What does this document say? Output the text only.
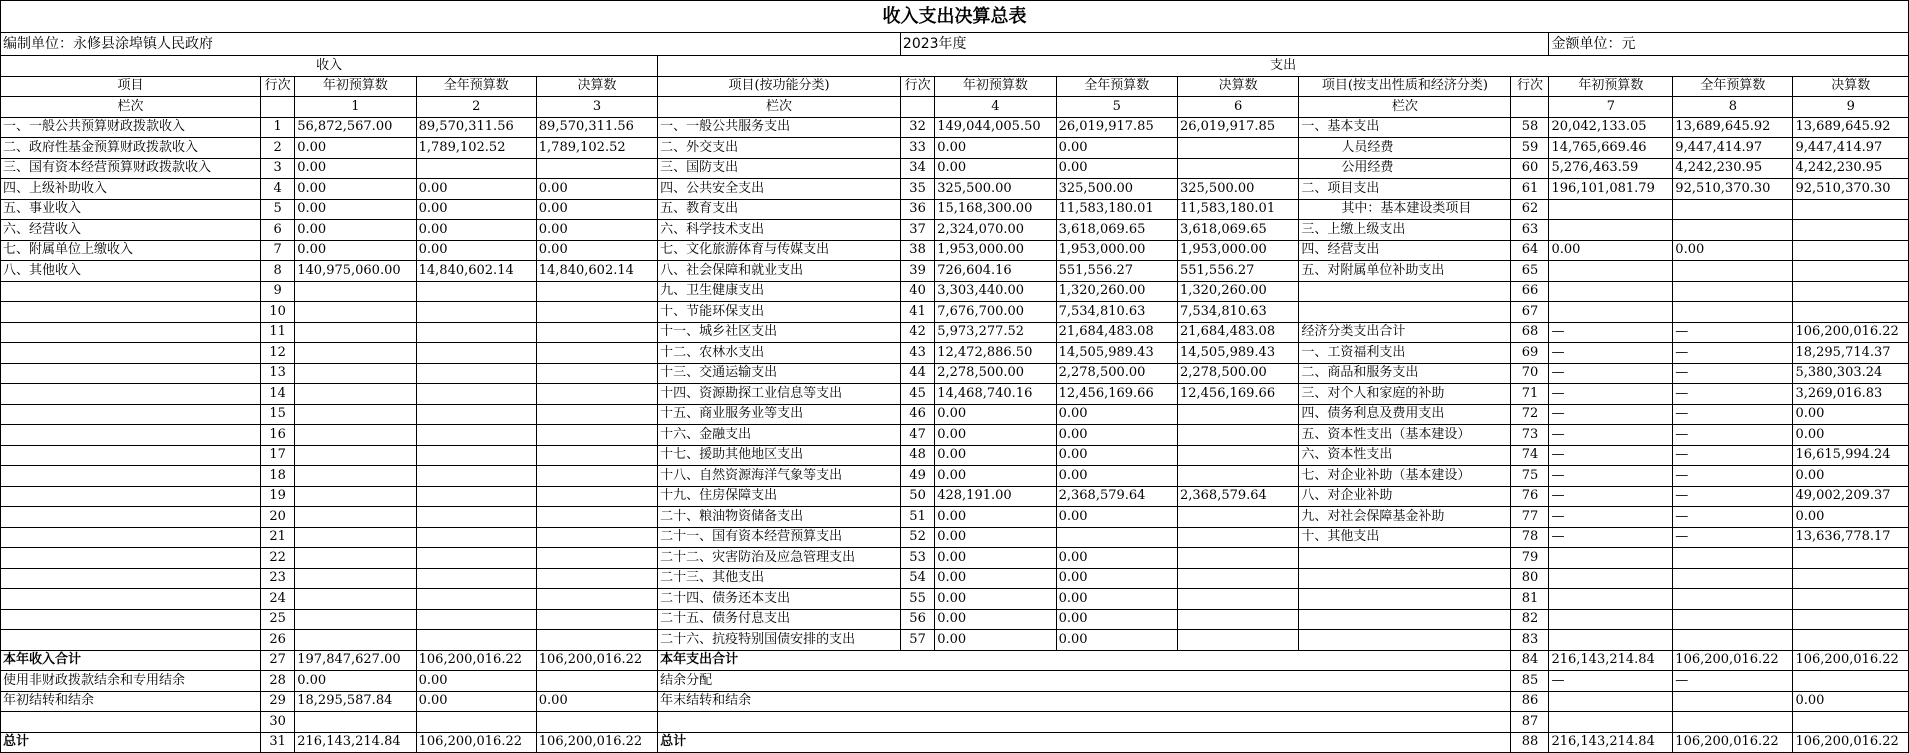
收入支出决算总表														
编制单位：永修县涂埠镇人民政府						2023年度						金额单位：元		
收入					支出									
项目	行次	年初预算数	全年预算数	决算数	项目(按功能分类)	行次	年初预算数	全年预算数	决算数	项目(按支出性质和经济分类)	行次	年初预算数	全年预算数	决算数
栏次		1	2	3	栏次		4	5	6	栏次		7	8	9
一、一般公共预算财政拨款收入	1	56,872,567.00	89,570,311.56	89,570,311.56	一、一般公共服务支出	32	149,044,005.50	26,019,917.85	26,019,917.85	一、基本支出	58	20,042,133.05	13,689,645.92	13,689,645.92
二、政府性基金预算财政拨款收入	2	0.00	1,789,102.52	1,789,102.52	二、外交支出	33	0.00	0.00		人员经费	59	14,765,669.46	9,447,414.97	9,447,414.97
三、国有资本经营预算财政拨款收入	3	0.00			三、国防支出	34	0.00	0.00		公用经费	60	5,276,463.59	4,242,230.95	4,242,230.95
四、上级补助收入	4	0.00	0.00	0.00	四、公共安全支出	35	325,500.00	325,500.00	325,500.00	二、项目支出	61	196,101,081.79	92,510,370.30	92,510,370.30
五、事业收入	5	0.00	0.00	0.00	五、教育支出	36	15,168,300.00	11,583,180.01	11,583,180.01	其中：基本建设类项目	62			
六、经营收入	6	0.00	0.00	0.00	六、科学技术支出	37	2,324,070.00	3,618,069.65	3,618,069.65	三、上缴上级支出	63			
七、附属单位上缴收入	7	0.00	0.00	0.00	七、文化旅游体育与传媒支出	38	1,953,000.00	1,953,000.00	1,953,000.00	四、经营支出	64	0.00	0.00	
八、其他收入	8	140,975,060.00	14,840,602.14	14,840,602.14	八、社会保障和就业支出	39	726,604.16	551,556.27	551,556.27	五、对附属单位补助支出	65			
	9				九、卫生健康支出	40	3,303,440.00	1,320,260.00	1,320,260.00		66			
	10				十、节能环保支出	41	7,676,700.00	7,534,810.63	7,534,810.63		67			
	11				十一、城乡社区支出	42	5,973,277.52	21,684,483.08	21,684,483.08	经济分类支出合计	68	—	—	106,200,016.22
	12				十二、农林水支出	43	12,472,886.50	14,505,989.43	14,505,989.43	一、工资福利支出	69	—	—	18,295,714.37
	13				十三、交通运输支出	44	2,278,500.00	2,278,500.00	2,278,500.00	二、商品和服务支出	70	—	—	5,380,303.24
	14				十四、资源勘探工业信息等支出	45	14,468,740.16	12,456,169.66	12,456,169.66	三、对个人和家庭的补助	71	—	—	3,269,016.83
	15				十五、商业服务业等支出	46	0.00	0.00		四、债务利息及费用支出	72	—	—	0.00
	16				十六、金融支出	47	0.00	0.00		五、资本性支出（基本建设）	73	—	—	0.00
	17				十七、援助其他地区支出	48	0.00	0.00		六、资本性支出	74	—	—	16,615,994.24
	18				十八、自然资源海洋气象等支出	49	0.00	0.00		七、对企业补助（基本建设）	75	—	—	0.00
	19				十九、住房保障支出	50	428,191.00	2,368,579.64	2,368,579.64	八、对企业补助	76	—	—	49,002,209.37
	20				二十、粮油物资储备支出	51	0.00	0.00		九、对社会保障基金补助	77	—	—	0.00
	21				二十一、国有资本经营预算支出	52	0.00			十、其他支出	78	—	—	13,636,778.17
	22				二十二、灾害防治及应急管理支出	53	0.00	0.00			79			
	23				二十三、其他支出	54	0.00	0.00			80			
	24				二十四、债务还本支出	55	0.00	0.00			81			
	25				二十五、债务付息支出	56	0.00	0.00			82			
	26				二十六、抗疫特别国债安排的支出	57	0.00	0.00			83			
本年收入合计	27	197,847,627.00	106,200,016.22	106,200,016.22	本年支出合计						84	216,143,214.84	106,200,016.22	106,200,016.22
使用非财政拨款结余和专用结余	28	0.00	0.00		结余分配						85	—	—	
年初结转和结余	29	18,295,587.84	0.00	0.00	年末结转和结余						86			0.00
	30										87			
总计	31	216,143,214.84	106,200,016.22	106,200,016.22	总计						88	216,143,214.84	106,200,016.22	106,200,016.22
